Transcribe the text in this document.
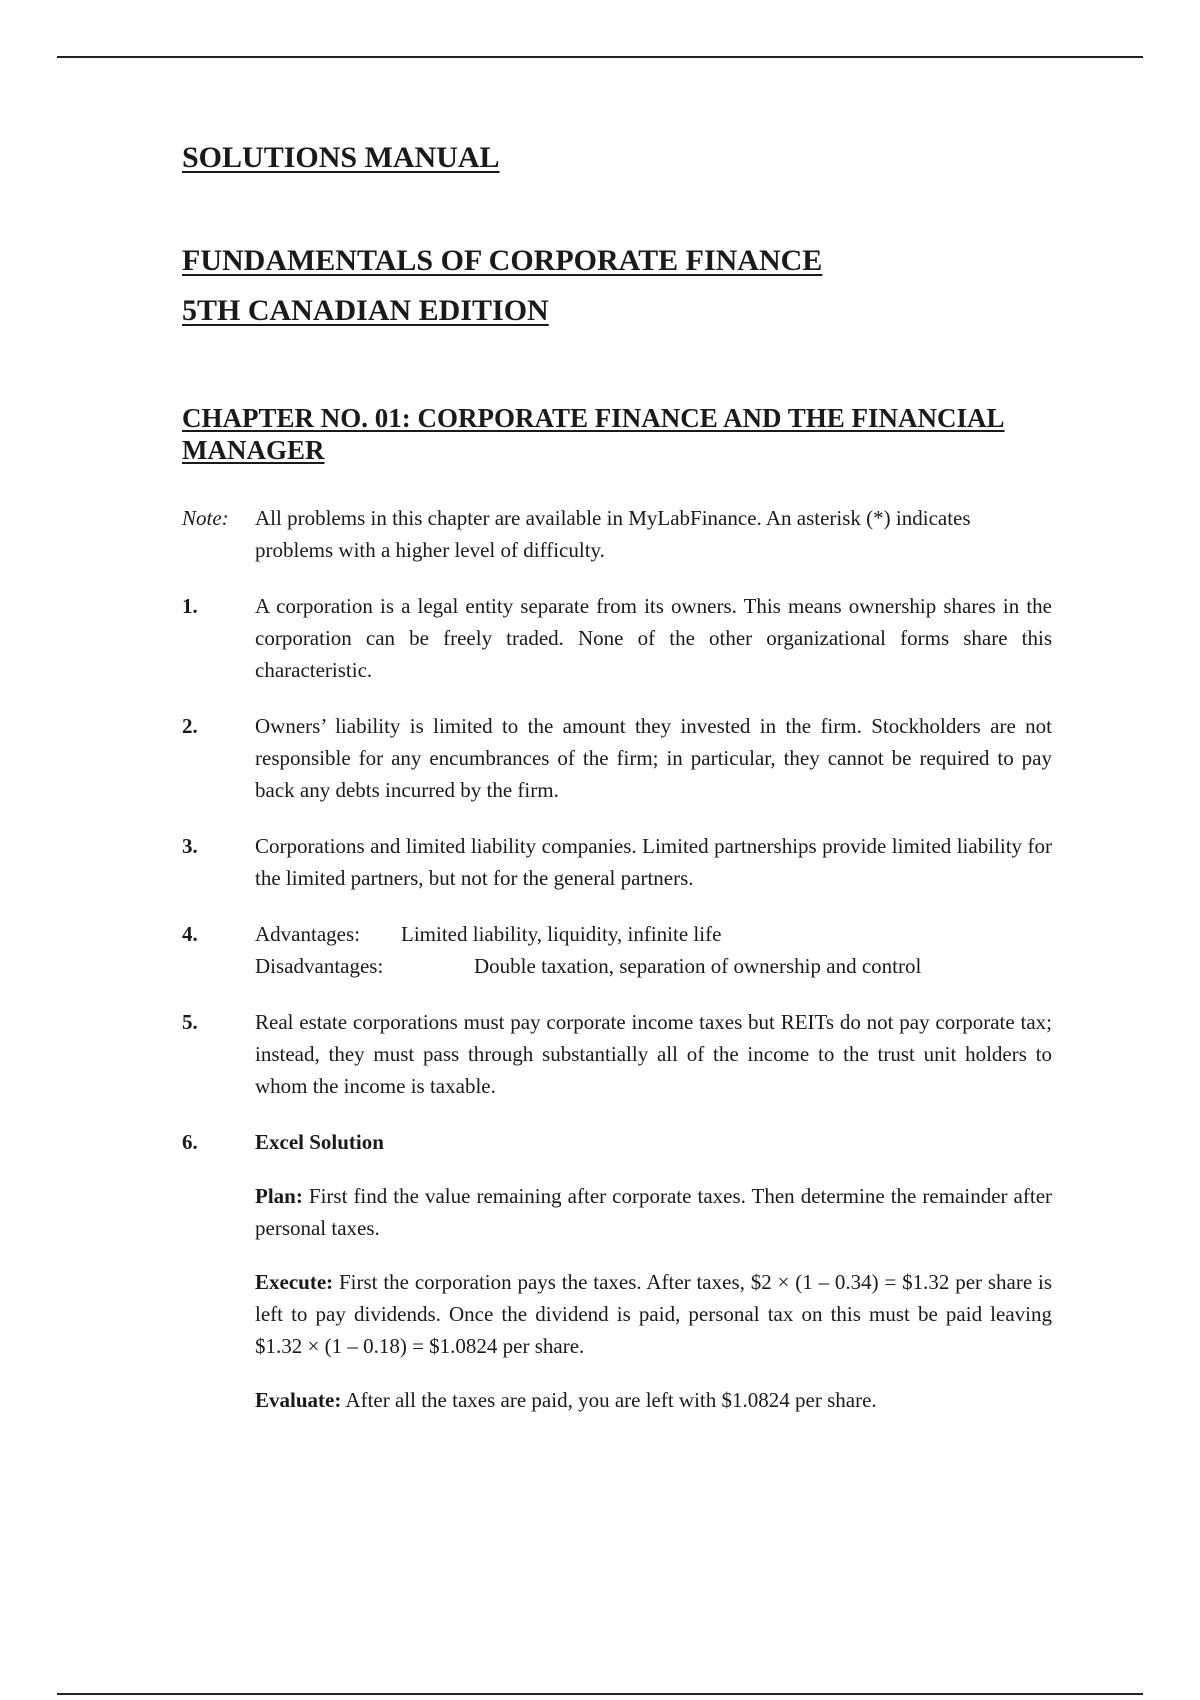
SOLUTIONS MANUAL
FUNDAMENTALS OF CORPORATE FINANCE
5TH CANADIAN EDITION
CHAPTER NO. 01: CORPORATE FINANCE AND THE FINANCIAL MANAGER
Note:	All problems in this chapter are available in MyLabFinance. An asterisk (*) indicates problems with a higher level of difficulty.
1.	A corporation is a legal entity separate from its owners. This means ownership shares in the corporation can be freely traded. None of the other organizational forms share this characteristic.
2.	Owners’ liability is limited to the amount they invested in the firm. Stockholders are not responsible for any encumbrances of the firm; in particular, they cannot be required to pay back any debts incurred by the firm.
3.	Corporations and limited liability companies. Limited partnerships provide limited liability for the limited partners, but not for the general partners.
4.	Advantages:	Limited liability, liquidity, infinite life
Disadvantages:	Double taxation, separation of ownership and control
5.	Real estate corporations must pay corporate income taxes but REITs do not pay corporate tax; instead, they must pass through substantially all of the income to the trust unit holders to whom the income is taxable.
6.	Excel Solution
Plan: First find the value remaining after corporate taxes. Then determine the remainder after personal taxes.
Execute: First the corporation pays the taxes. After taxes, $2 × (1 – 0.34) = $1.32 per share is left to pay dividends. Once the dividend is paid, personal tax on this must be paid leaving $1.32 × (1 – 0.18) = $1.0824 per share.
Evaluate: After all the taxes are paid, you are left with $1.0824 per share.
